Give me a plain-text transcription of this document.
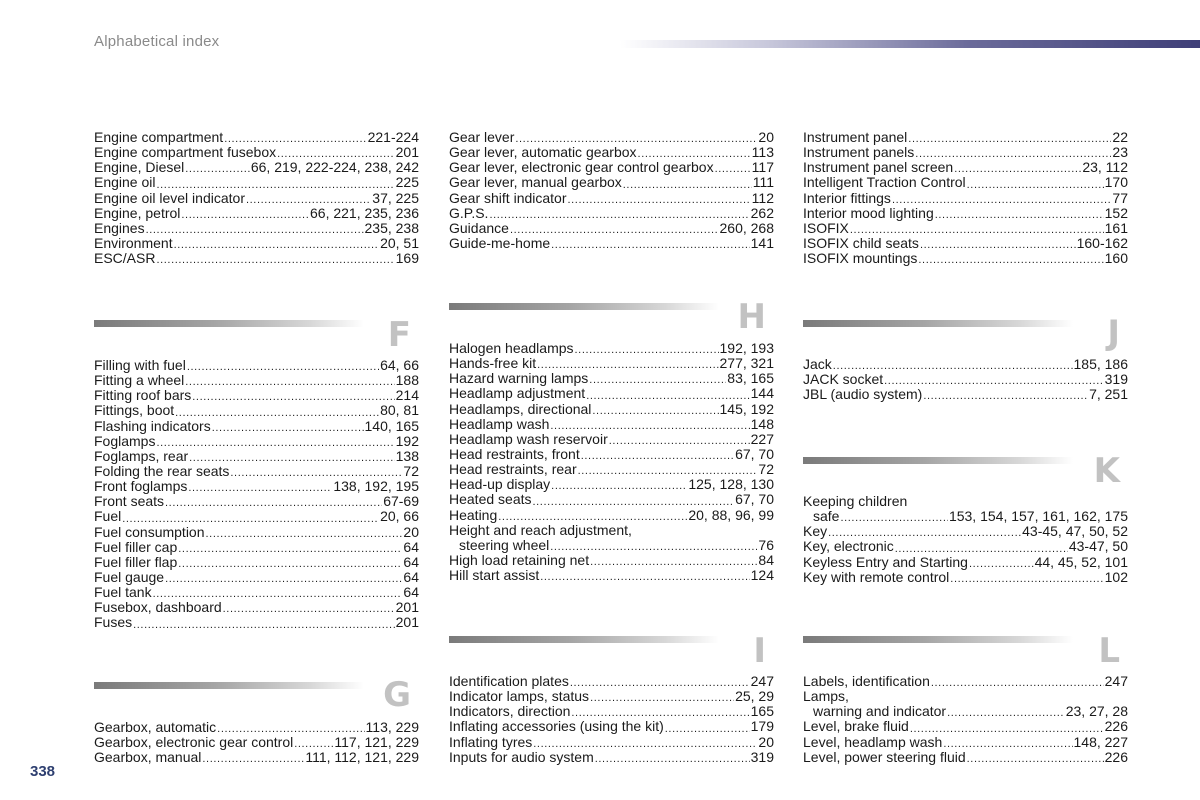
Alphabetical index
Engine compartment .....	221-224
Engine compartment fusebox .....	201
Engine, Diesel .....	66, 219, 222-224, 238, 242
Engine oil .....	225
Engine oil level indicator .....	37, 225
Engine, petrol .....	66, 221, 235, 236
Engines .....	235, 238
Environment .....	20, 51
ESC/ASR .....	169
F
Filling with fuel .....	64, 66
Fitting a wheel .....	188
Fitting roof bars .....	214
Fittings, boot .....	80, 81
Flashing indicators .....	140, 165
Foglamps .....	192
Foglamps, rear .....	138
Folding the rear seats .....	72
Front foglamps .....	138, 192, 195
Front seats .....	67-69
Fuel .....	20, 66
Fuel consumption .....	20
Fuel filler cap .....	64
Fuel filler flap .....	64
Fuel gauge .....	64
Fuel tank .....	64
Fusebox, dashboard .....	201
Fuses .....	201
G
Gearbox, automatic .....	113, 229
Gearbox, electronic gear control .....	117, 121, 229
Gearbox, manual .....	111, 112, 121, 229
Gear lever .....	20
Gear lever, automatic gearbox .....	113
Gear lever, electronic gear control gearbox .....	117
Gear lever, manual gearbox .....	111
Gear shift indicator .....	112
G.P.S. .....	262
Guidance .....	260, 268
Guide-me-home .....	141
H
Halogen headlamps .....	192, 193
Hands-free kit .....	277, 321
Hazard warning lamps .....	83, 165
Headlamp adjustment .....	144
Headlamps, directional .....	145, 192
Headlamp wash .....	148
Headlamp wash reservoir .....	227
Head restraints, front .....	67, 70
Head restraints, rear .....	72
Head-up display .....	125, 128, 130
Heated seats .....	67, 70
Heating .....	20, 88, 96, 99
Height and reach adjustment,
steering wheel .....	76
High load retaining net .....	84
Hill start assist .....	124
I
Identification plates .....	247
Indicator lamps, status .....	25, 29
Indicators, direction .....	165
Inflating accessories (using the kit) .....	179
Inflating tyres .....	20
Inputs for audio system .....	319
Instrument panel .....	22
Instrument panels .....	23
Instrument panel screen .....	23, 112
Intelligent Traction Control .....	170
Interior fittings .....	77
Interior mood lighting .....	152
ISOFIX .....	161
ISOFIX child seats .....	160-162
ISOFIX mountings .....	160
J
Jack .....	185, 186
JACK socket .....	319
JBL (audio system) .....	7, 251
K
Keeping children
safe .....	153, 154, 157, 161, 162, 175
Key .....	43-45, 47, 50, 52
Key, electronic .....	43-47, 50
Keyless Entry and Starting .....	44, 45, 52, 101
Key with remote control .....	102
L
Labels, identification .....	247
Lamps,
warning and indicator .....	23, 27, 28
Level, brake fluid .....	226
Level, headlamp wash .....	148, 227
Level, power steering fluid .....	226
338
